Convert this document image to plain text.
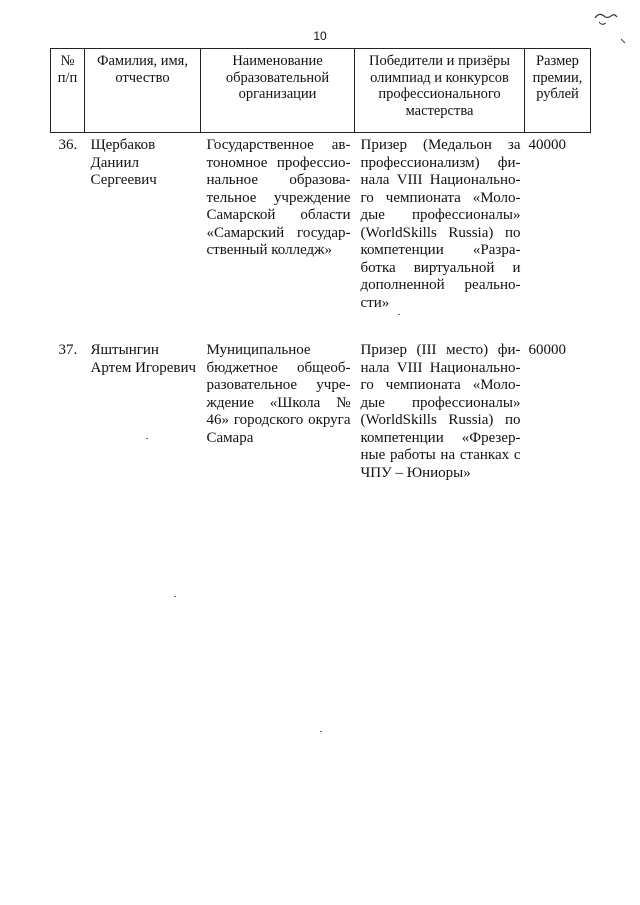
10
№ п/п	Фамилия, имя, отчество	Наименование образовательной организации	Победители и призёры олимпиад и конкурсов профессионального мастерства	Размер премии, рублей
36.	Щербаков Даниил Сергеевич	Государственное автономное профессиональное образовательное учреждение Самарской области «Самарский государственный колледж»	Призер (Медальон за профессионализм) финала VIII Национального чемпионата «Молодые профессионалы» (WorldSkills Russia) по компетенции «Разработка виртуальной и дополненной реальности»	40000
37.	Яштынгин Артем Игоревич	Муниципальное бюджетное общеобразовательное учреждение «Школа № 46» городского округа Самара	Призер (III место) финала VIII Национального чемпионата «Молодые профессионалы» (WorldSkills Russia) по компетенции «Фрезерные работы на станках с ЧПУ – Юниоры»	60000
